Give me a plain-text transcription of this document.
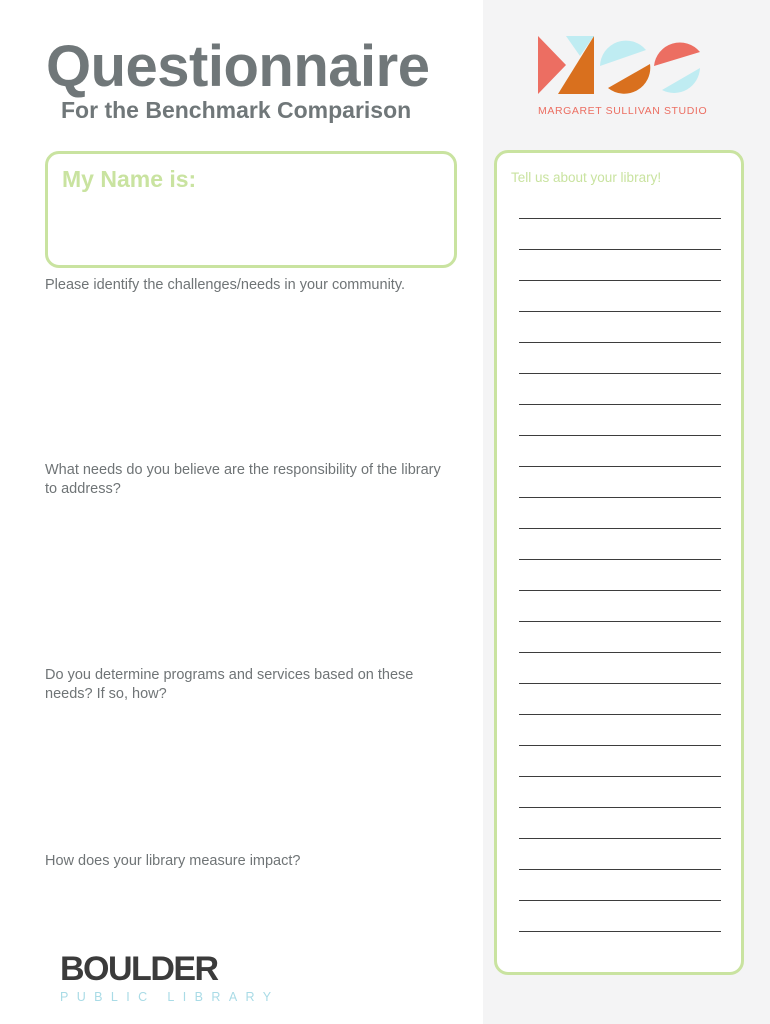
Questionnaire
For the Benchmark Comparison
My Name is:

Please identify the challenges/needs in your community.

What needs do you believe are the responsibility of the library to address?

Do you determine programs and services based on these needs? If so, how?

How does your library measure impact?

MARGARET SULLIVAN STUDIO
Tell us about your library!
BOULDER
PUBLIC LIBRARY
